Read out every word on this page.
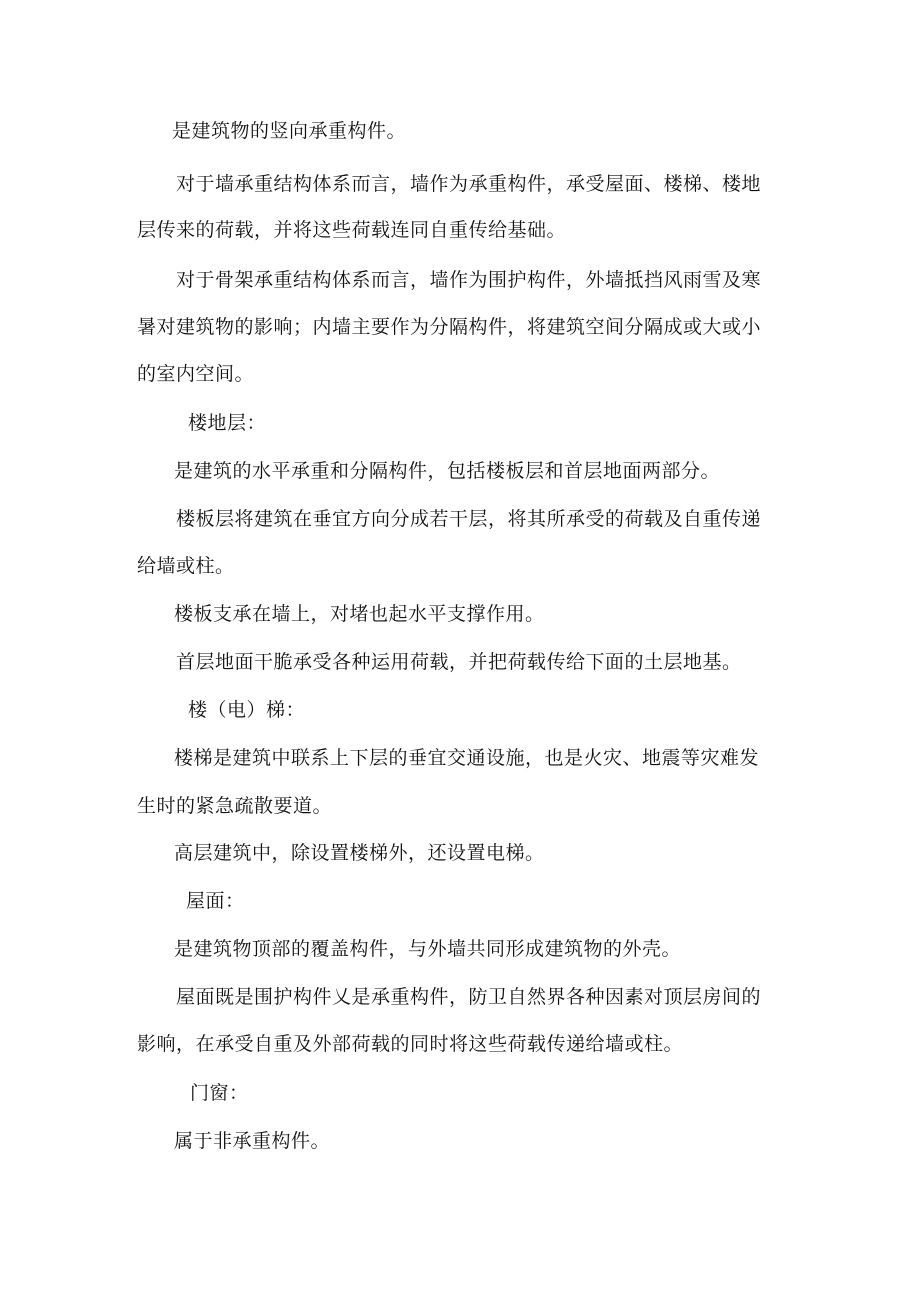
是建筑物的竖向承重构件。

对于墙承重结构体系而言，墙作为承重构件，承受屋面、楼梯、楼地

层传来的荷载，并将这些荷载连同自重传给基础。

对于骨架承重结构体系而言，墙作为围护构件，外墙抵挡风雨雪及寒

暑对建筑物的影响；内墙主要作为分隔构件，将建筑空间分隔成或大或小

的室内空间。

楼地层：

是建筑的水平承重和分隔构件，包括楼板层和首层地面两部分。

楼板层将建筑在垂宜方向分成若干层，将其所承受的荷载及自重传递

给墙或柱。

楼板支承在墙上，对堵也起水平支撑作用。

首层地面干脆承受各种运用荷载，并把荷载传给下面的土层地基。

楼（电）梯：

楼梯是建筑中联系上下层的垂宜交通设施，也是火灾、地震等灾难发

生时的紧急疏散要道。

高层建筑中，除设置楼梯外，还设置电梯。

屋面：

是建筑物顶部的覆盖构件，与外墙共同形成建筑物的外壳。

屋面既是围护构件乂是承重构件，防卫自然界各种因素对顶层房间的

影响，在承受自重及外部荷载的同时将这些荷载传递给墙或柱。

门窗：

属于非承重构件。
